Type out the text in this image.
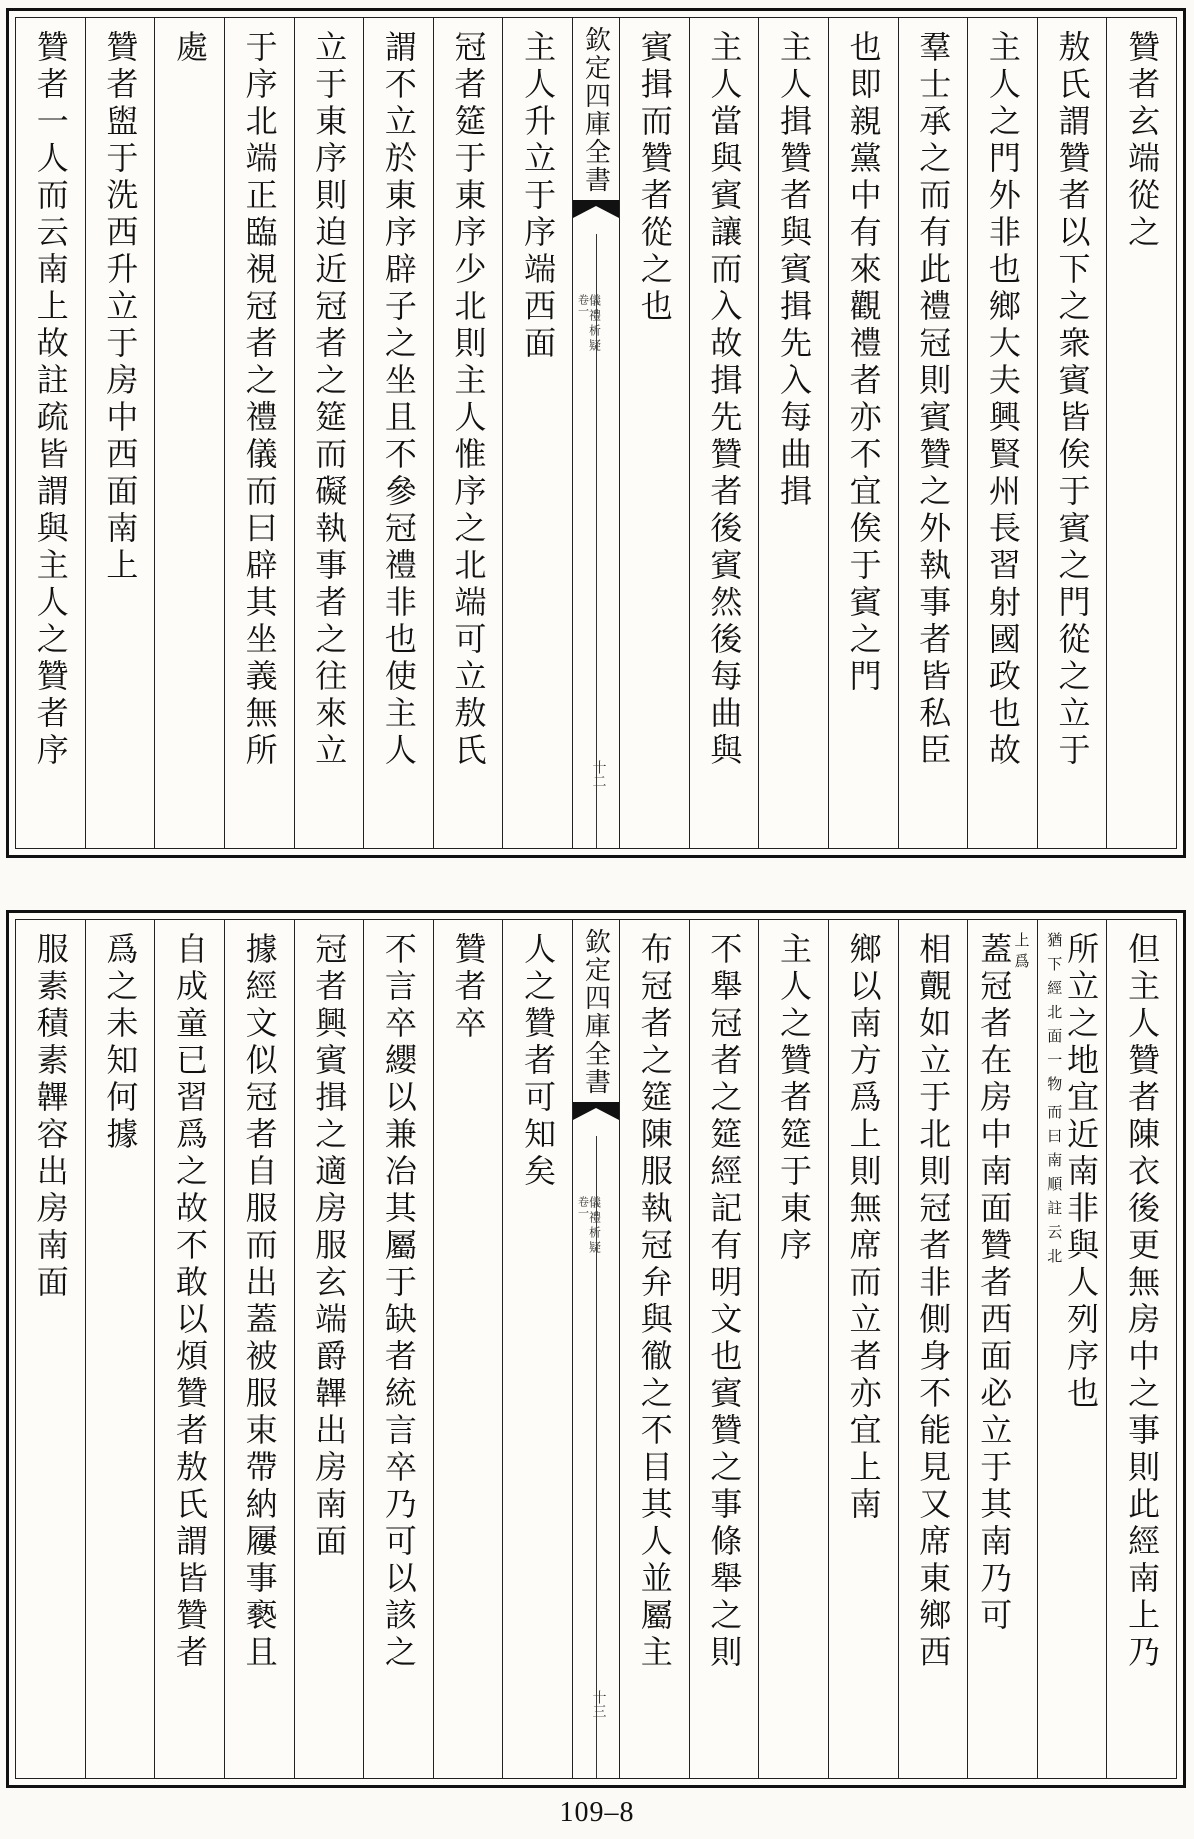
贊者玄端從之
敖氏謂贊者以下之衆賓皆俟于賓之門從之立于
主人之門外非也鄉大夫興賢州長習射國政也故
羣士承之而有此禮冠則賓贊之外執事者皆私臣
也即親黨中有來觀禮者亦不宜俟于賓之門
主人揖贊者與賓揖先入每曲揖
主人當與賓讓而入故揖先贊者後賓然後每曲與
賓揖而贊者從之也
欽定四庫全書
儀禮析疑
卷一
十二
主人升立于序端西面
冠者筵于東序少北則主人惟序之北端可立敖氏
謂不立於東序辟子之坐且不參冠禮非也使主人
立于東序則迫近冠者之筵而礙執事者之往來立
于序北端正臨視冠者之禮儀而曰辟其坐義無所
處
贊者盥于洗西升立于房中西面南上
贊者一人而云南上故註疏皆謂與主人之贊者序
但主人贊者陳衣後更無房中之事則此經南上乃
所立之地宜近南非與人列序也
猶下經北面一物
而曰南順註云北
上爲
蓋冠者在房中南面贊者西面必立于其南乃可
相覿如立于北則冠者非側身不能見又席東鄉西
鄉以南方爲上則無席而立者亦宜上南
主人之贊者筵于東序
不舉冠者之筵經記有明文也賓贊之事條舉之則
布冠者之筵陳服執冠弁與徹之不目其人並屬主
欽定四庫全書
儀禮析疑
卷一
十三
人之贊者可知矣
贊者卒
不言卒纓以兼冶其屬于缺者統言卒乃可以該之
冠者興賓揖之適房服玄端爵韠出房南面
據經文似冠者自服而出蓋被服束帶納屨事褻且
自成童已習爲之故不敢以煩贊者敖氏謂皆贊者
爲之未知何據
服素積素韠容出房南面
109–8
